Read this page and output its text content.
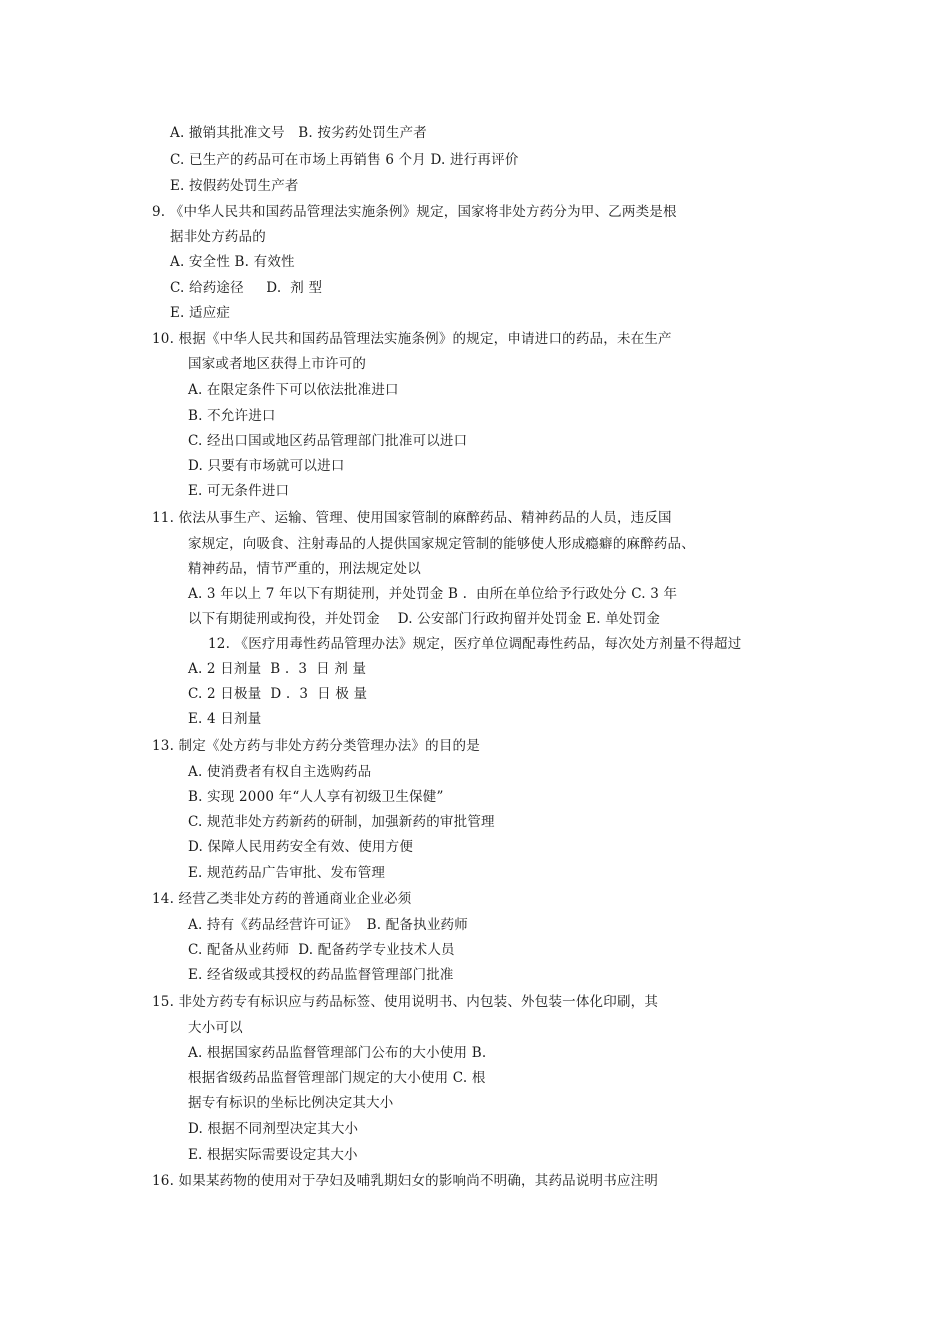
A. 撤销其批准文号   B. 按劣药处罚生产者
C. 已生产的药品可在市场上再销售 6 个月 D. 进行再评价
E. 按假药处罚生产者
9. 《中华人民共和国药品管理法实施条例》规定，国家将非处方药分为甲、乙两类是根
据非处方药品的
A. 安全性 B. 有效性
C. 给药途径     D.  剂 型
E. 适应症
10. 根据《中华人民共和国药品管理法实施条例》的规定，申请进口的药品，未在生产
国家或者地区获得上市许可的
A. 在限定条件下可以依法批准进口
B. 不允许进口
C. 经出口国或地区药品管理部门批准可以进口
D. 只要有市场就可以进口
E. 可无条件进口
11. 依法从事生产、运输、管理、使用国家管制的麻醉药品、精神药品的人员，违反国
家规定，向吸食、注射毒品的人提供国家规定管制的能够使人形成瘾癖的麻醉药品、
精神药品，情节严重的，刑法规定处以
A. 3 年以上 7 年以下有期徒刑，并处罚金 B .  由所在单位给予行政处分 C. 3 年
以下有期徒刑或拘役，并处罚金    D. 公安部门行政拘留并处罚金 E. 单处罚金
12. 《医疗用毒性药品管理办法》规定，医疗单位调配毒性药品，每次处方剂量不得超过
A. 2 日剂量  B .  3  日 剂 量
C. 2 日极量  D .  3  日 极 量
E. 4 日剂量
13. 制定《处方药与非处方药分类管理办法》的目的是
A. 使消费者有权自主选购药品
B. 实现 2000 年“人人享有初级卫生保健”
C. 规范非处方药新药的研制，加强新药的审批管理
D. 保障人民用药安全有效、使用方便
E. 规范药品广告审批、发布管理
14. 经营乙类非处方药的普通商业企业必须
A. 持有《药品经营许可证》  B. 配备执业药师
C. 配备从业药师  D. 配备药学专业技术人员
E. 经省级或其授权的药品监督管理部门批准
15. 非处方药专有标识应与药品标签、使用说明书、内包装、外包装一体化印刷，其
大小可以
A. 根据国家药品监督管理部门公布的大小使用 B.
根据省级药品监督管理部门规定的大小使用 C. 根
据专有标识的坐标比例决定其大小
D. 根据不同剂型决定其大小
E. 根据实际需要设定其大小
16. 如果某药物的使用对于孕妇及哺乳期妇女的影响尚不明确，其药品说明书应注明
